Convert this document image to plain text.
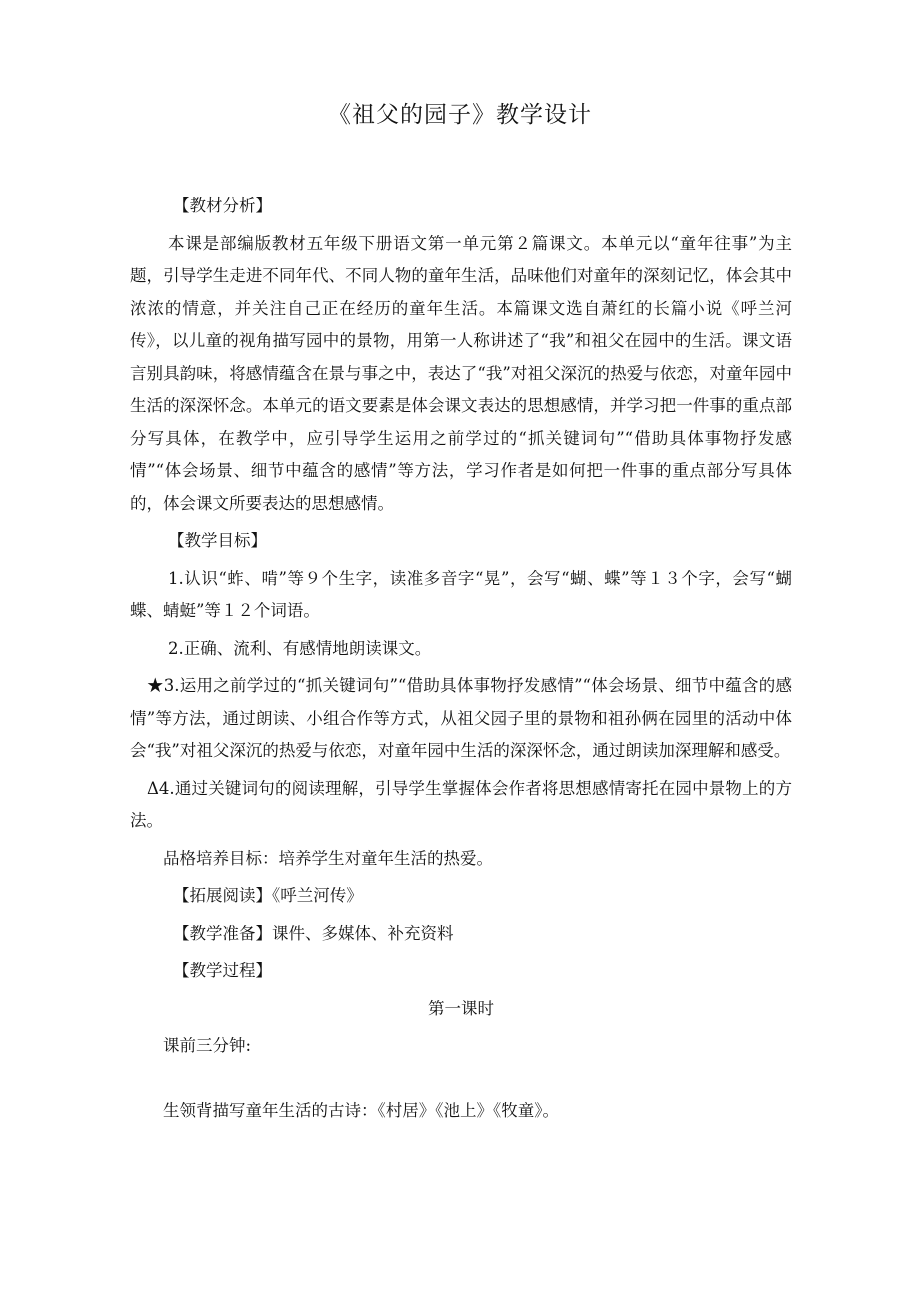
《祖父的园子》教学设计

【教材分析】

本课是部编版教材五年级下册语文第一单元第２篇课文。本单元以“童年往事”为主题，引导学生走进不同年代、不同人物的童年生活，品味他们对童年的深刻记忆，体会其中浓浓的情意，并关注自己正在经历的童年生活。本篇课文选自萧红的长篇小说《呼兰河传》，以儿童的视角描写园中的景物，用第一人称讲述了“我”和祖父在园中的生活。课文语言别具韵味，将感情蕴含在景与事之中，表达了“我”对祖父深沉的热爱与依恋，对童年园中生活的深深怀念。本单元的语文要素是体会课文表达的思想感情，并学习把一件事的重点部分写具体，在教学中，应引导学生运用之前学过的“抓关键词句”“借助具体事物抒发感情”“体会场景、细节中蕴含的感情”等方法，学习作者是如何把一件事的重点部分写具体的，体会课文所要表达的思想感情。

【教学目标】

1.认识“蚱、啃”等９个生字，读准多音字“晃”，会写“蝴、蝶”等１３个字，会写“蝴蝶、蜻蜓”等１２个词语。

2.正确、流利、有感情地朗读课文。

★3.运用之前学过的“抓关键词句”“借助具体事物抒发感情”“体会场景、细节中蕴含的感情”等方法，通过朗读、小组合作等方式，从祖父园子里的景物和祖孙俩在园里的活动中体会“我”对祖父深沉的热爱与依恋，对童年园中生活的深深怀念，通过朗读加深理解和感受。

Δ4.通过关键词句的阅读理解，引导学生掌握体会作者将思想感情寄托在园中景物上的方法。

品格培养目标：培养学生对童年生活的热爱。

【拓展阅读】《呼兰河传》

【教学准备】课件、多媒体、补充资料

【教学过程】

第一课时

课前三分钟:

生领背描写童年生活的古诗：《村居》《池上》《牧童》。
